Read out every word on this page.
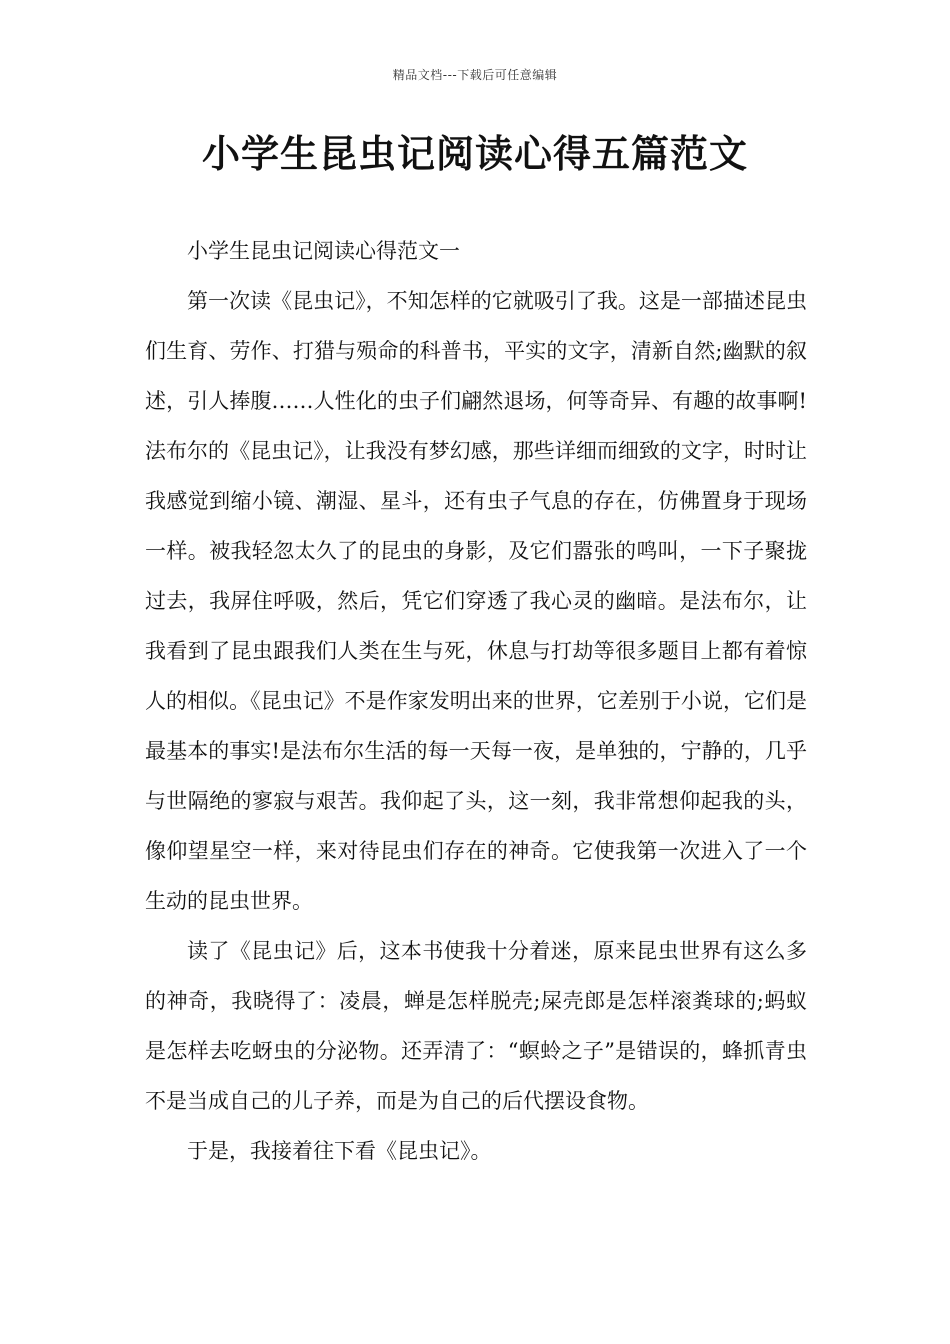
精品文档---下载后可任意编辑
小学生昆虫记阅读心得五篇范文

小学生昆虫记阅读心得范文一

第一次读《昆虫记》，不知怎样的它就吸引了我。这是一部描述昆虫们生育、劳作、打猎与殒命的科普书，平实的文字，清新自然;幽默的叙述，引人捧腹……人性化的虫子们翩然退场，何等奇异、有趣的故事啊!法布尔的《昆虫记》，让我没有梦幻感，那些详细而细致的文字，时时让我感觉到缩小镜、潮湿、星斗，还有虫子气息的存在，仿佛置身于现场一样。被我轻忽太久了的昆虫的身影，及它们嚣张的鸣叫，一下子聚拢过去，我屏住呼吸，然后，凭它们穿透了我心灵的幽暗。是法布尔，让我看到了昆虫跟我们人类在生与死，休息与打劫等很多题目上都有着惊人的相似。《昆虫记》不是作家发明出来的世界，它差别于小说，它们是最基本的事实!是法布尔生活的每一天每一夜，是单独的，宁静的，几乎与世隔绝的寥寂与艰苦。我仰起了头，这一刻，我非常想仰起我的头，像仰望星空一样，来对待昆虫们存在的神奇。它使我第一次进入了一个生动的昆虫世界。

读了《昆虫记》后，这本书使我十分着迷，原来昆虫世界有这么多的神奇，我晓得了：凌晨，蝉是怎样脱壳;屎壳郎是怎样滚粪球的;蚂蚁是怎样去吃蚜虫的分泌物。还弄清了：“螟蛉之子”是错误的，蜂抓青虫不是当成自己的儿子养，而是为自己的后代摆设食物。

于是，我接着往下看《昆虫记》。
